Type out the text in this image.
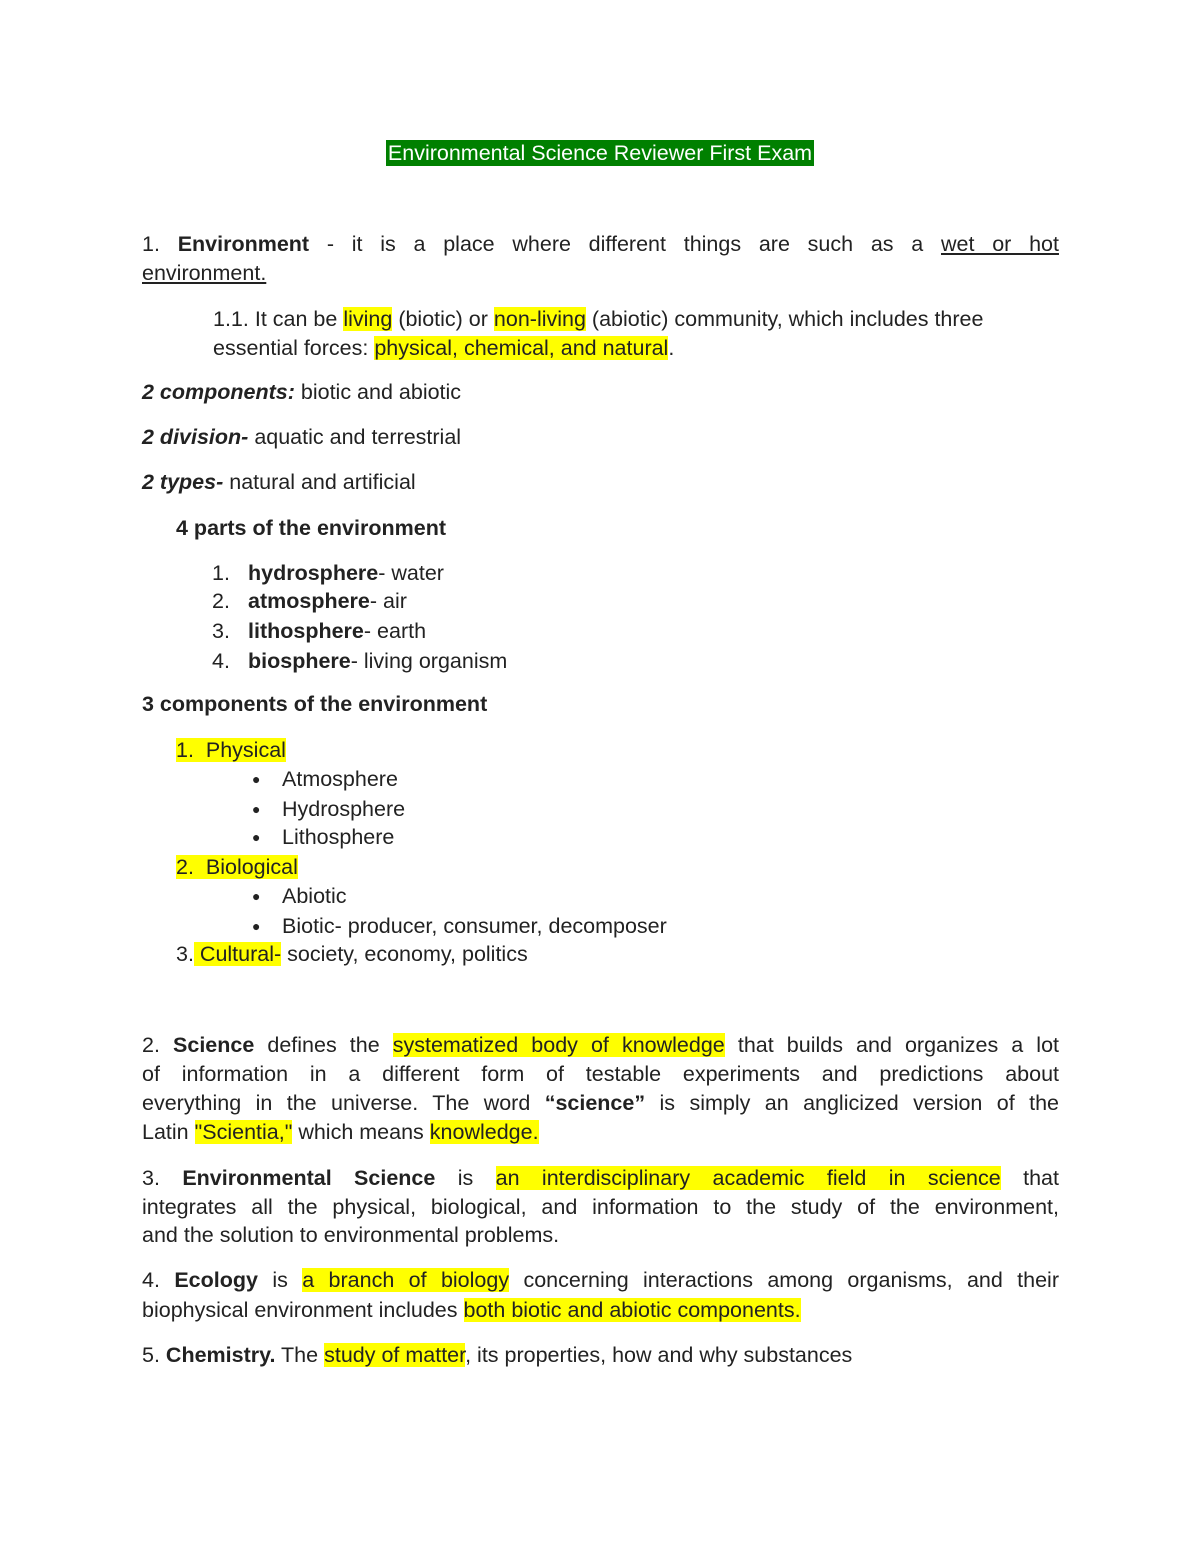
Environmental Science Reviewer First Exam
1. Environment - it is a place where different things are such as a wet or hot
environment.
1.1. It can be living (biotic) or non-living (abiotic) community, which includes three
essential forces: physical, chemical, and natural.
2 components: biotic and abiotic
2 division- aquatic and terrestrial
2 types- natural and artificial
4 parts of the environment
1. hydrosphere- water
2. atmosphere- air
3. lithosphere- earth
4. biosphere- living organism
3 components of the environment
1.  Physical
● Atmosphere
● Hydrosphere
● Lithosphere
2.  Biological
● Abiotic
● Biotic- producer, consumer, decomposer
3. Cultural- society, economy, politics
2. Science defines the systematized body of knowledge that builds and organizes a lot
of information in a different form of testable experiments and predictions about
everything in the universe. The word “science” is simply an anglicized version of the
Latin "Scientia," which means knowledge.
3. Environmental Science is an interdisciplinary academic field in science that
integrates all the physical, biological, and information to the study of the environment,
and the solution to environmental problems.
4. Ecology is a branch of biology concerning interactions among organisms, and their
biophysical environment includes both biotic and abiotic components.
5. Chemistry. The study of matter, its properties, how and why substances
